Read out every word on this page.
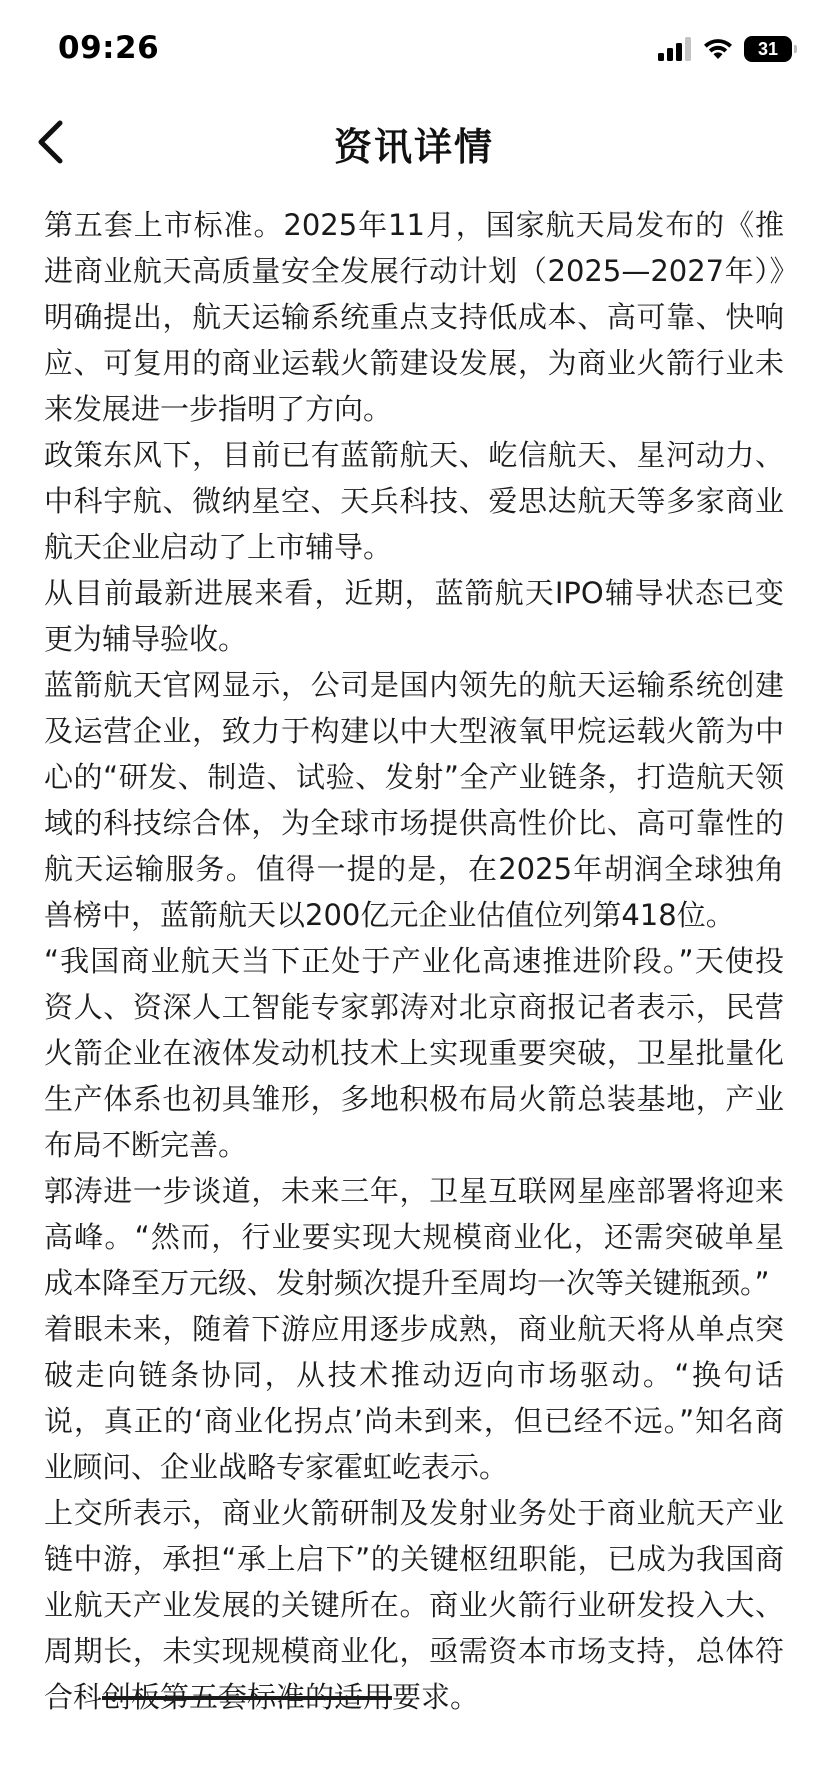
09:26	31
资讯详情

第五套上市标准。2025年11月，国家航天局发布的《推进商业航天高质量安全发展行动计划（2025—2027年）》明确提出，航天运输系统重点支持低成本、高可靠、快响应、可复用的商业运载火箭建设发展，为商业火箭行业未来发展进一步指明了方向。

政策东风下，目前已有蓝箭航天、屹信航天、星河动力、中科宇航、微纳星空、天兵科技、爱思达航天等多家商业航天企业启动了上市辅导。

从目前最新进展来看，近期，蓝箭航天IPO辅导状态已变更为辅导验收。

蓝箭航天官网显示，公司是国内领先的航天运输系统创建及运营企业，致力于构建以中大型液氧甲烷运载火箭为中心的“研发、制造、试验、发射”全产业链条，打造航天领域的科技综合体，为全球市场提供高性价比、高可靠性的航天运输服务。值得一提的是，在2025年胡润全球独角兽榜中，蓝箭航天以200亿元企业估值位列第418位。

“我国商业航天当下正处于产业化高速推进阶段。”天使投资人、资深人工智能专家郭涛对北京商报记者表示，民营火箭企业在液体发动机技术上实现重要突破，卫星批量化生产体系也初具雏形，多地积极布局火箭总装基地，产业布局不断完善。

郭涛进一步谈道，未来三年，卫星互联网星座部署将迎来高峰。“然而，行业要实现大规模商业化，还需突破单星成本降至万元级、发射频次提升至周均一次等关键瓶颈。”

着眼未来，随着下游应用逐步成熟，商业航天将从单点突破走向链条协同，从技术推动迈向市场驱动。“换句话说，真正的‘商业化拐点’尚未到来，但已经不远。”知名商业顾问、企业战略专家霍虹屹表示。

上交所表示，商业火箭研制及发射业务处于商业航天产业链中游，承担“承上启下”的关键枢纽职能，已成为我国商业航天产业发展的关键所在。商业火箭行业研发投入大、周期长，未实现规模商业化，亟需资本市场支持，总体符合科创板第五套标准的适用要求。
